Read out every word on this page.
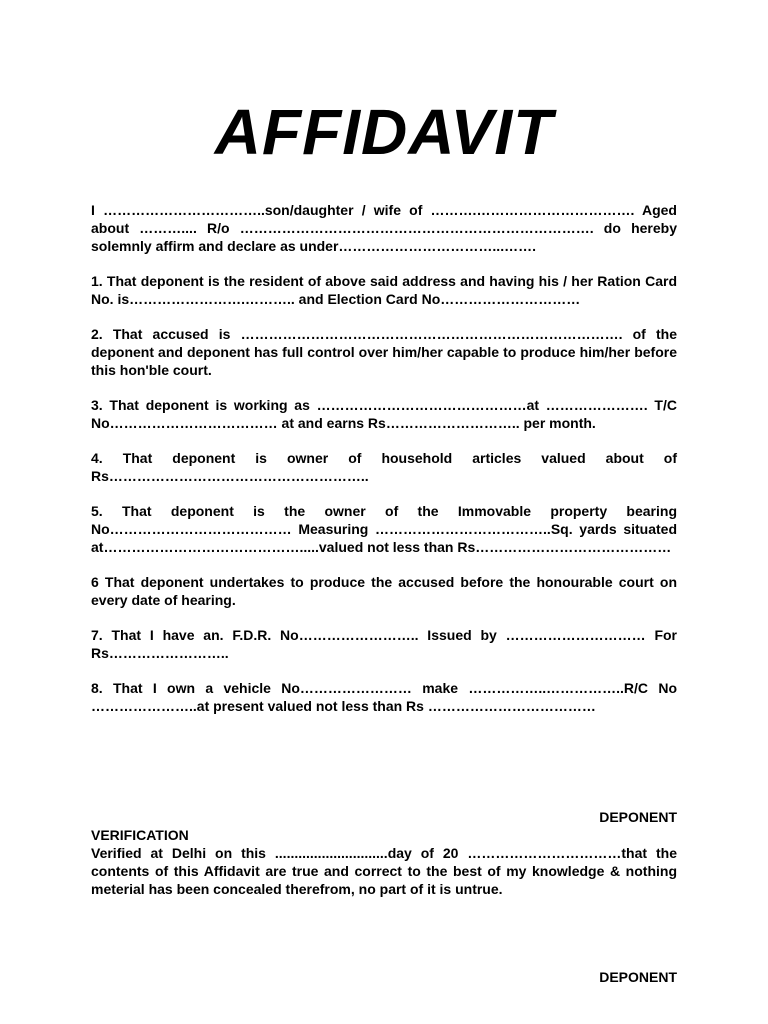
AFFIDAVIT

I ……………………………..son/daughter / wife of ……….……………………………. Aged about ……….... R/o …………………………………………………………………. do hereby solemnly affirm and declare as under……………………………...…….

1. That deponent is the resident of above said address and having his / her Ration Card No. is…………………….……….. and Election Card No…………………………

2. That accused is ………………………………………………………………………. of the deponent and deponent has full control over him/her capable to produce him/her before this hon'ble court.

3. That deponent is working as ………………………………………at …………………. T/C No……………………………… at and earns Rs……………………….. per month.

4. That deponent is owner of household articles valued about of Rs………………………………………………..

5. That deponent is the owner of the Immovable property bearing No………………………………… Measuring ………………………………..Sq. yards situated at…………………………………….....valued not less than Rs……………………………………

6 That deponent undertakes to produce the accused before the honourable court on every date of hearing.

7. That I have an. F.D.R. No…………………….. Issued by ………………………… For Rs……………………..

8. That I own a vehicle No…………………… make ……………..……………..R/C No …………………..at present valued not less than Rs ………………………………

DEPONENT

VERIFICATION

Verified at Delhi on this .............................day of 20 ……………………………that the contents of this Affidavit are true and correct to the best of my knowledge & nothing meterial has been concealed therefrom, no part of it is untrue.

DEPONENT
